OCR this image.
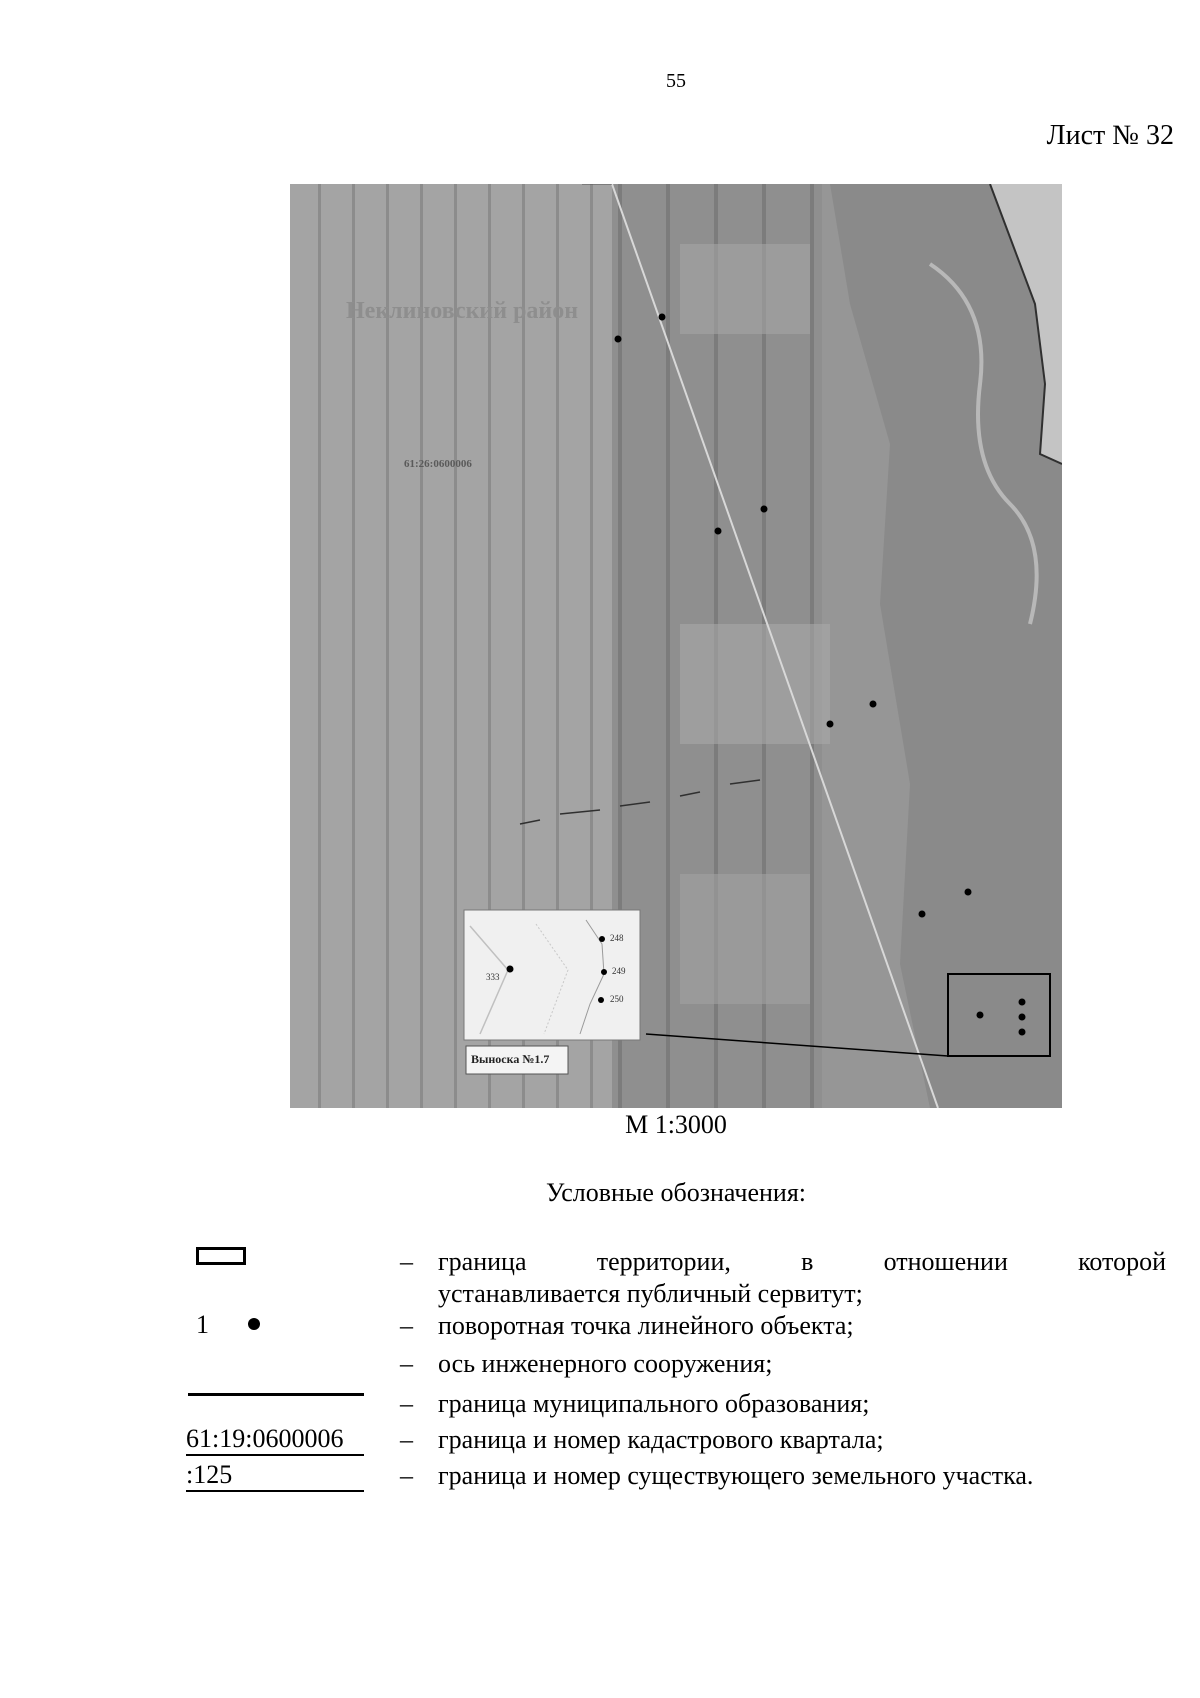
55
Лист № 32
Неклиновский район
61:26:0600006
333
248
249
250
Выноска №1.7
М 1:3000
Условные обозначения:
1
61:19:0600006
:125
– граница территории, в отношении которой
устанавливается публичный сервитут;
– поворотная точка линейного объекта;
– ось инженерного сооружения;
– граница муниципального образования;
– граница и номер кадастрового квартала;
– граница и номер существующего земельного участка.
